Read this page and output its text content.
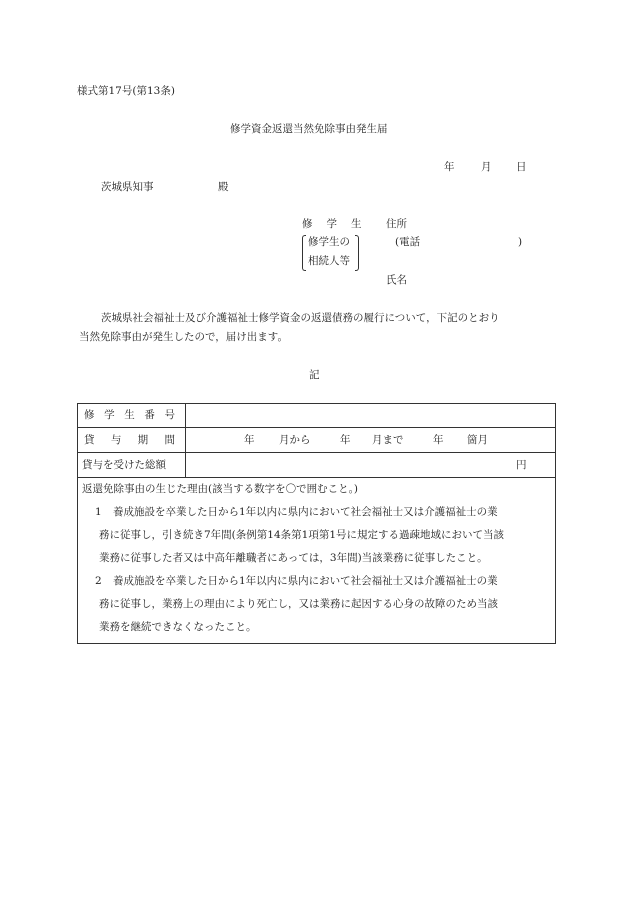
様式第17号(第13条)
修学資金返還当然免除事由発生届
年	月 日
茨城県知事	殿
修 学 生 住所
修学生の
相続人等
(電話	)
氏名
茨城県社会福祉士及び介護福祉士修学資金の返還債務の履行について，下記のとおり
当然免除事由が発生したので，届け出ます。
記
修 学 生 番 号
貸 与 期 間	年 月から	年 月まで	年 箇月
貸与を受けた総額	円
返還免除事由の生じた理由(該当する数字を〇で囲むこと。)
1 養成施設を卒業した日から1年以内に県内において社会福祉士又は介護福祉士の業
務に従事し，引き続き7年間(条例第14条第1項第1号に規定する過疎地域において当該
業務に従事した者又は中高年離職者にあっては，3年間)当該業務に従事したこと。
2 養成施設を卒業した日から1年以内に県内において社会福祉士又は介護福祉士の業
務に従事し，業務上の理由により死亡し，又は業務に起因する心身の故障のため当該
業務を継続できなくなったこと。
